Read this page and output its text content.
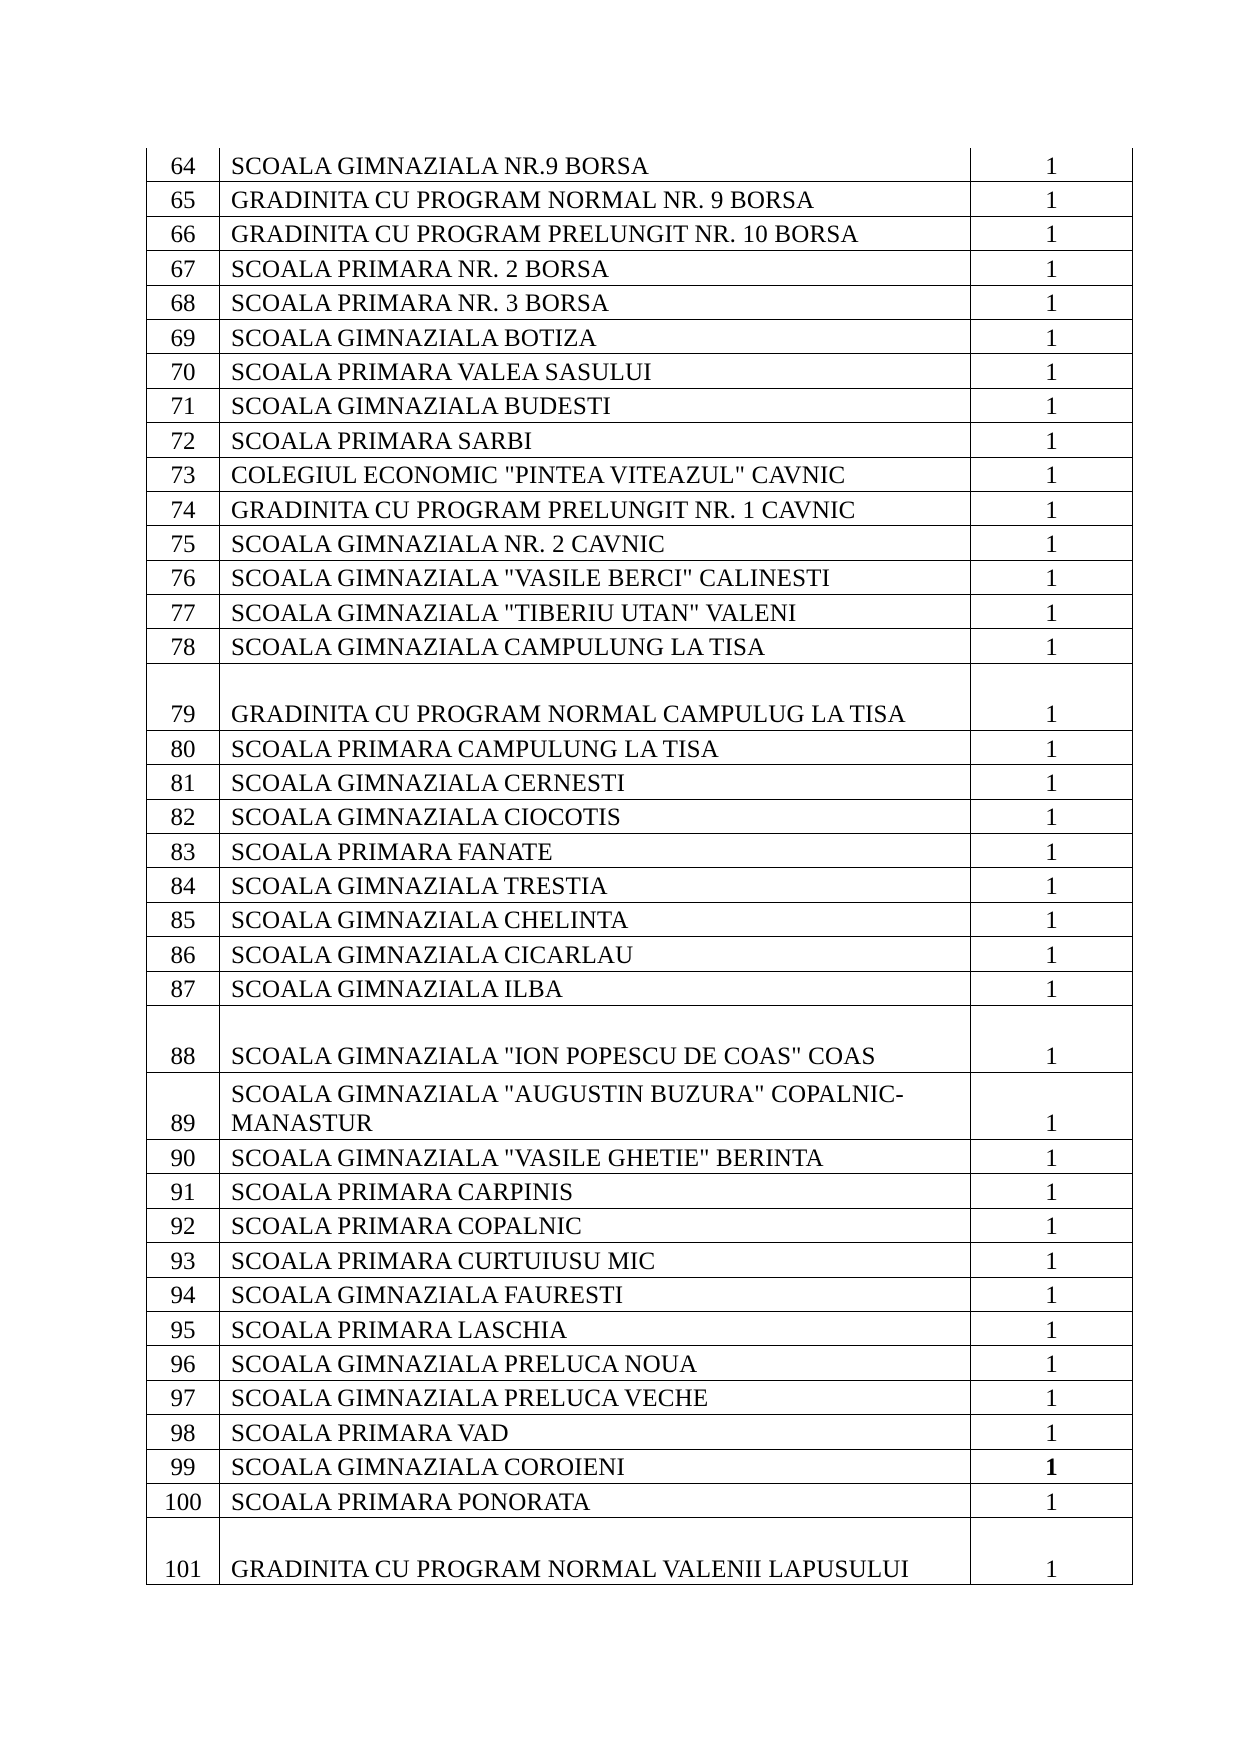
64	SCOALA GIMNAZIALA NR.9 BORSA	1
65	GRADINITA CU PROGRAM NORMAL NR. 9 BORSA	1
66	GRADINITA CU PROGRAM PRELUNGIT NR. 10 BORSA	1
67	SCOALA PRIMARA NR. 2 BORSA	1
68	SCOALA PRIMARA NR. 3 BORSA	1
69	SCOALA GIMNAZIALA BOTIZA	1
70	SCOALA PRIMARA VALEA SASULUI	1
71	SCOALA GIMNAZIALA BUDESTI	1
72	SCOALA PRIMARA SARBI	1
73	COLEGIUL ECONOMIC "PINTEA VITEAZUL" CAVNIC	1
74	GRADINITA CU PROGRAM PRELUNGIT NR. 1 CAVNIC	1
75	SCOALA GIMNAZIALA NR. 2 CAVNIC	1
76	SCOALA GIMNAZIALA "VASILE BERCI" CALINESTI	1
77	SCOALA GIMNAZIALA "TIBERIU UTAN" VALENI	1
78	SCOALA GIMNAZIALA CAMPULUNG LA TISA	1
79	GRADINITA CU PROGRAM NORMAL CAMPULUG LA TISA	1
80	SCOALA PRIMARA CAMPULUNG LA TISA	1
81	SCOALA GIMNAZIALA CERNESTI	1
82	SCOALA GIMNAZIALA CIOCOTIS	1
83	SCOALA PRIMARA FANATE	1
84	SCOALA GIMNAZIALA TRESTIA	1
85	SCOALA GIMNAZIALA CHELINTA	1
86	SCOALA GIMNAZIALA CICARLAU	1
87	SCOALA GIMNAZIALA ILBA	1
88	SCOALA GIMNAZIALA "ION POPESCU DE COAS" COAS	1
89	SCOALA GIMNAZIALA "AUGUSTIN BUZURA" COPALNIC-MANASTUR	1
90	SCOALA GIMNAZIALA "VASILE GHETIE" BERINTA	1
91	SCOALA PRIMARA CARPINIS	1
92	SCOALA PRIMARA COPALNIC	1
93	SCOALA PRIMARA CURTUIUSU MIC	1
94	SCOALA GIMNAZIALA FAURESTI	1
95	SCOALA PRIMARA LASCHIA	1
96	SCOALA GIMNAZIALA PRELUCA NOUA	1
97	SCOALA GIMNAZIALA PRELUCA VECHE	1
98	SCOALA PRIMARA VAD	1
99	SCOALA GIMNAZIALA COROIENI	1
100	SCOALA PRIMARA PONORATA	1
101	GRADINITA CU PROGRAM NORMAL VALENII LAPUSULUI	1
